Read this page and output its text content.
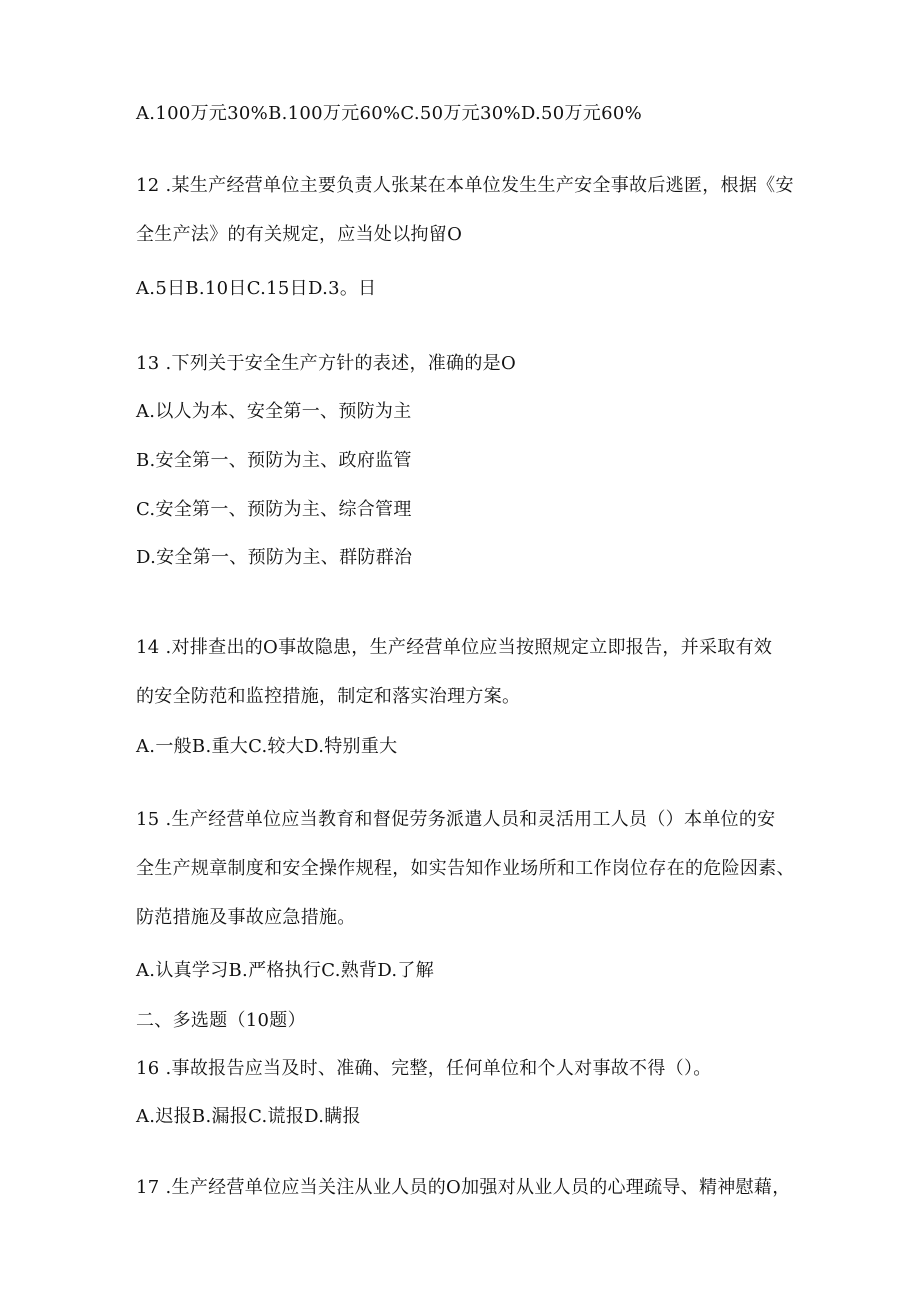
A.100万元30%B.100万元60%C.50万元30%D.50万元60%
12 .某生产经营单位主要负责人张某在本单位发生生产安全事故后逃匿，根据《安
全生产法》的有关规定，应当处以拘留O
A.5日B.10日C.15日D.3。日
13 .下列关于安全生产方针的表述，准确的是O
A.以人为本、安全第一、预防为主
B.安全第一、预防为主、政府监管
C.安全第一、预防为主、综合管理
D.安全第一、预防为主、群防群治
14 .对排查出的O事故隐患，生产经营单位应当按照规定立即报告，并采取有效
的安全防范和监控措施，制定和落实治理方案。
A.一般B.重大C.较大D.特别重大
15 .生产经营单位应当教育和督促劳务派遣人员和灵活用工人员（）本单位的安
全生产规章制度和安全操作规程，如实告知作业场所和工作岗位存在的危险因素、
防范措施及事故应急措施。
A.认真学习B.严格执行C.熟背D.了解
二、多选题（10题）
16 .事故报告应当及时、准确、完整，任何单位和个人对事故不得（）。
A.迟报B.漏报C.谎报D.瞒报
17 .生产经营单位应当关注从业人员的O加强对从业人员的心理疏导、精神慰藉，
